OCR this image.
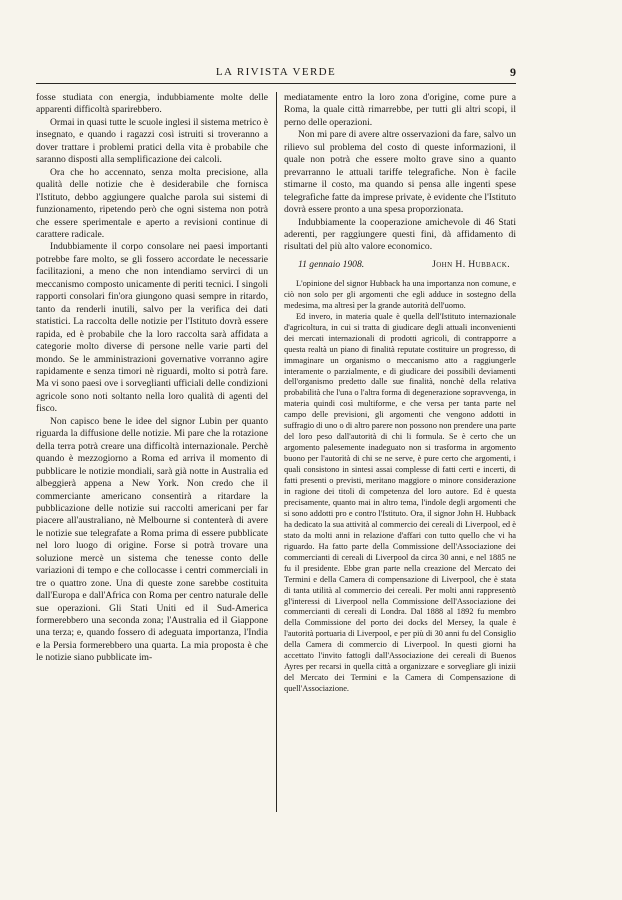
LA RIVISTA VERDE	9

fosse studiata con energia, indubbiamente molte delle apparenti difficoltà sparirebbero.

Ormai in quasi tutte le scuole inglesi il sistema metrico è insegnato, e quando i ragazzi così istruiti si troveranno a dover trattare i problemi pratici della vita è probabile che saranno disposti alla semplificazione dei calcoli.

Ora che ho accennato, senza molta precisione, alla qualità delle notizie che è desiderabile che fornisca l'Istituto, debbo aggiungere qualche parola sui sistemi di funzionamento, ripetendo però che ogni sistema non potrà che essere sperimentale e aperto a revisioni continue di carattere radicale.

Indubbiamente il corpo consolare nei paesi importanti potrebbe fare molto, se gli fossero accordate le necessarie facilitazioni, a meno che non intendiamo servirci di un meccanismo composto unicamente di periti tecnici. I singoli rapporti consolari fin'ora giungono quasi sempre in ritardo, tanto da renderli inutili, salvo per la verifica dei dati statistici. La raccolta delle notizie per l'Istituto dovrà essere rapida, ed è probabile che la loro raccolta sarà affidata a categorie molto diverse di persone nelle varie parti del mondo. Se le amministrazioni governative vorranno agire rapidamente e senza timori nè riguardi, molto si potrà fare. Ma vi sono paesi ove i sorveglianti ufficiali delle condizioni agricole sono noti soltanto nella loro qualità di agenti del fisco.

Non capisco bene le idee del signor Lubin per quanto riguarda la diffusione delle notizie. Mi pare che la rotazione della terra potrà creare una difficoltà internazionale. Perchè quando è mezzogiorno a Roma ed arriva il momento di pubblicare le notizie mondiali, sarà già notte in Australia ed albeggierà appena a New York. Non credo che il commerciante americano consentirà a ritardare la pubblicazione delle notizie sui raccolti americani per far piacere all'australiano, nè Melbourne si contenterà di avere le notizie sue telegrafate a Roma prima di essere pubblicate nel loro luogo di origine. Forse si potrà trovare una soluzione mercè un sistema che tenesse conto delle variazioni di tempo e che collocasse i centri commerciali in tre o quattro zone. Una di queste zone sarebbe costituita dall'Europa e dall'Africa con Roma per centro naturale delle sue operazioni. Gli Stati Uniti ed il Sud-America formerebbero una seconda zona; l'Australia ed il Giappone una terza; e, quando fossero di adeguata importanza, l'India e la Persia formerebbero una quarta. La mia proposta è che le notizie siano pubblicate im-

mediatamente entro la loro zona d'origine, come pure a Roma, la quale città rimarrebbe, per tutti gli altri scopi, il perno delle operazioni.

Non mi pare di avere altre osservazioni da fare, salvo un rilievo sul problema del costo di queste informazioni, il quale non potrà che essere molto grave sino a quanto prevarranno le attuali tariffe telegrafiche. Non è facile stimarne il costo, ma quando si pensa alle ingenti spese telegrafiche fatte da imprese private, è evidente che l'Istituto dovrà essere pronto a una spesa proporzionata.

Indubbiamente la cooperazione amichevole di 46 Stati aderenti, per raggiungere questi fini, dà affidamento di risultati del più alto valore economico.

11 gennaio 1908.	John H. Hubback.

L'opinione del signor Hubback ha una importanza non comune, e ciò non solo per gli argomenti che egli adduce in sostegno della medesima, ma altresì per la grande autorità dell'uomo.

Ed invero, in materia quale è quella dell'Istituto internazionale d'agricoltura, in cui si tratta di giudicare degli attuali inconvenienti dei mercati internazionali di prodotti agricoli, di contrapporre a questa realtà un piano di finalità reputate costituire un progresso, di immaginare un organismo o meccanismo atto a raggiungerle interamente o parzialmente, e di giudicare dei possibili deviamenti dell'organismo predetto dalle sue finalità, nonchè della relativa probabilità che l'una o l'altra forma di degenerazione sopravvenga, in materia quindi così multiforme, e che versa per tanta parte nel campo delle previsioni, gli argomenti che vengono addotti in suffragio di uno o di altro parere non possono non prendere una parte del loro peso dall'autorità di chi li formula. Se è certo che un argomento palesemente inadeguato non si trasforma in argomento buono per l'autorità di chi se ne serve, è pure certo che argomenti, i quali consistono in sintesi assai complesse di fatti certi e incerti, di fatti presenti o previsti, meritano maggiore o minore considerazione in ragione dei titoli di competenza del loro autore. Ed è questa precisamente, quanto mai in altro tema, l'indole degli argomenti che si sono addotti pro e contro l'Istituto. Ora, il signor John H. Hubback ha dedicato la sua attività al commercio dei cereali di Liverpool, ed è stato da molti anni in relazione d'affari con tutto quello che vi ha riguardo. Ha fatto parte della Commissione dell'Associazione dei commercianti di cereali di Liverpool da circa 30 anni, e nel 1885 ne fu il presidente. Ebbe gran parte nella creazione del Mercato dei Termini e della Camera di compensazione di Liverpool, che è stata di tanta utilità al commercio dei cereali. Per molti anni rappresentò gl'interessi di Liverpool nella Commissione dell'Associazione dei commercianti di cereali di Londra. Dal 1888 al 1892 fu membro della Commissione del porto dei docks del Mersey, la quale è l'autorità portuaria di Liverpool, e per più di 30 anni fu del Consiglio della Camera di commercio di Liverpool. In questi giorni ha accettato l'invito fattogli dall'Associazione dei cereali di Buenos Ayres per recarsi in quella città a organizzare e sorvegliare gli inizii del Mercato dei Termini e la Camera di Compensazione di quell'Associazione.
